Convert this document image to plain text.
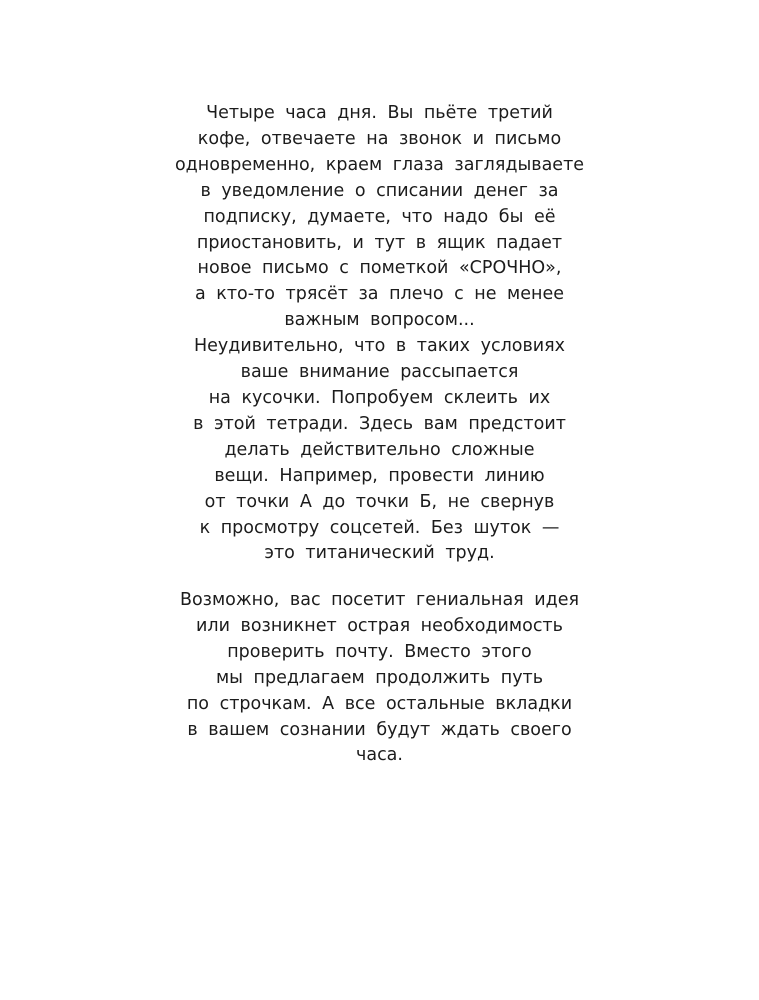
Четыре часа дня. Вы пьёте третий
кофе, отвечаете на звонок и письмо
одновременно, краем глаза заглядываете
в уведомление о списании денег за
подписку, думаете, что надо бы её
приостановить, и тут в ящик падает
новое письмо с пометкой «СРОЧНО»,
а кто-то трясёт за плечо с не менее
важным вопросом...
Неудивительно, что в таких условиях
ваше внимание рассыпается
на кусочки. Попробуем склеить их
в этой тетради. Здесь вам предстоит
делать действительно сложные
вещи. Например, провести линию
от точки А до точки Б, не свернув
к просмотру соцсетей. Без шуток —
это титанический труд.

Возможно, вас посетит гениальная идея
или возникнет острая необходимость
проверить почту. Вместо этого
мы предлагаем продолжить путь
по строчкам. А все остальные вкладки
в вашем сознании будут ждать своего
часа.
